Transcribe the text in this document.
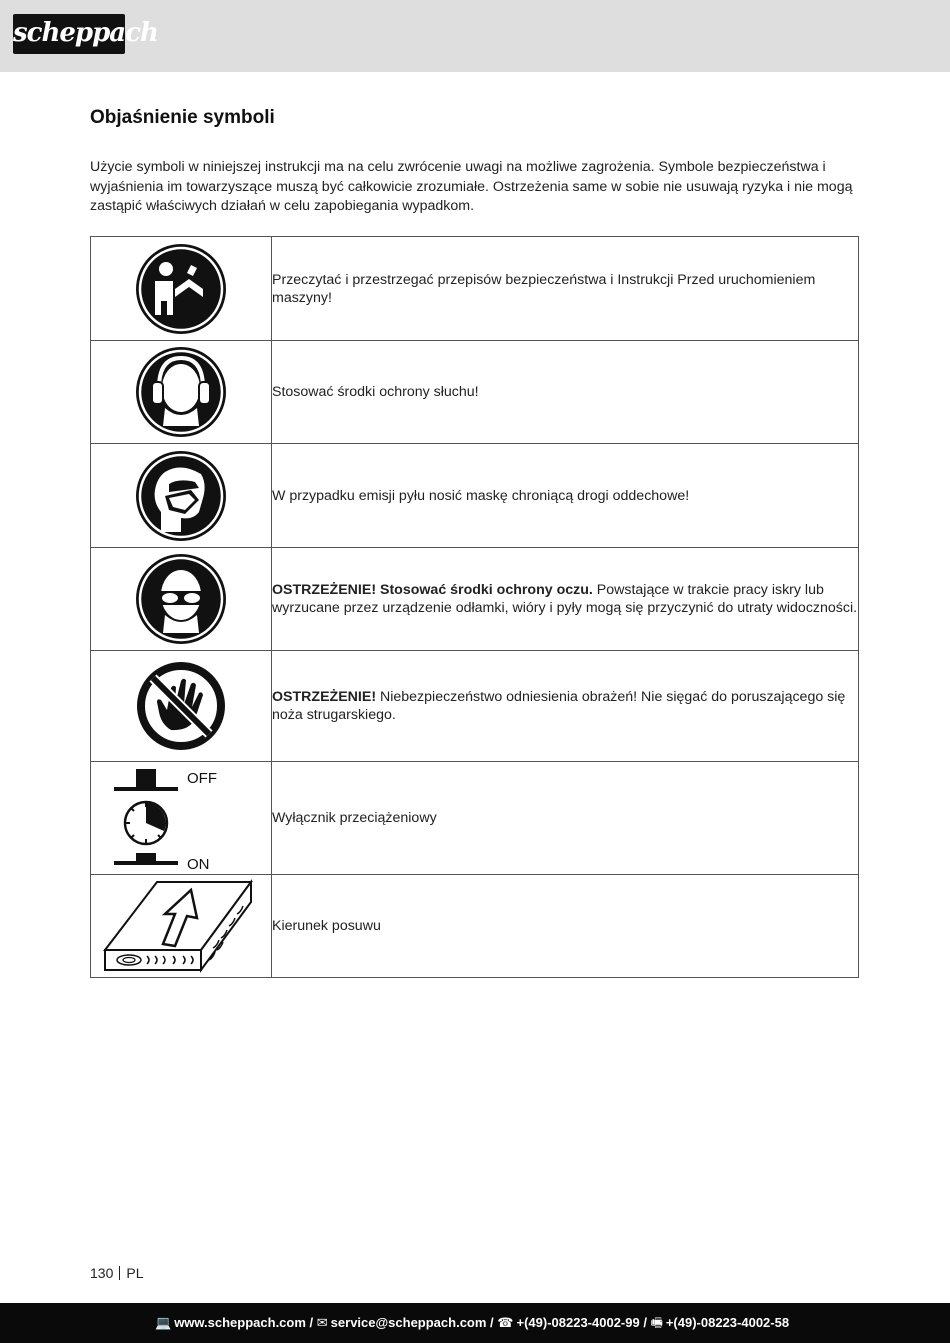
scheppach
Objaśnienie symboli

Użycie symboli w niniejszej instrukcji ma na celu zwrócenie uwagi na możliwe zagrożenia. Symbole bezpieczeństwa i wyjaśnienia im towarzyszące muszą być całkowicie zrozumiałe. Ostrzeżenia same w sobie nie usuwają ryzyka i nie mogą zastąpić właściwych działań w celu zapobiegania wypadkom.

	Przeczytać i przestrzegać przepisów bezpieczeństwa i Instrukcji Przed uruchomieniem maszyny!

	Stosować środki ochrony słuchu!

	W przypadku emisji pyłu nosić maskę chroniącą drogi oddechowe!

	OSTRZEŻENIE! Stosować środki ochrony oczu. Powstające w trakcie pracy iskry lub wyrzucane przez urządzenie odłamki, wióry i pyły mogą się przyczynić do utraty widoczności.

	OSTRZEŻENIE! Niebezpieczeństwo odniesienia obrażeń! Nie sięgać do poruszającego się noża strugarskiego.

OFF
ON	Wyłącznik przeciążeniowy

	Kierunek posuwu
130 PL
💻 www.scheppach.com / ✉ service@scheppach.com / ☎ +(49)-08223-4002-99 / 🖷 +(49)-08223-4002-58
